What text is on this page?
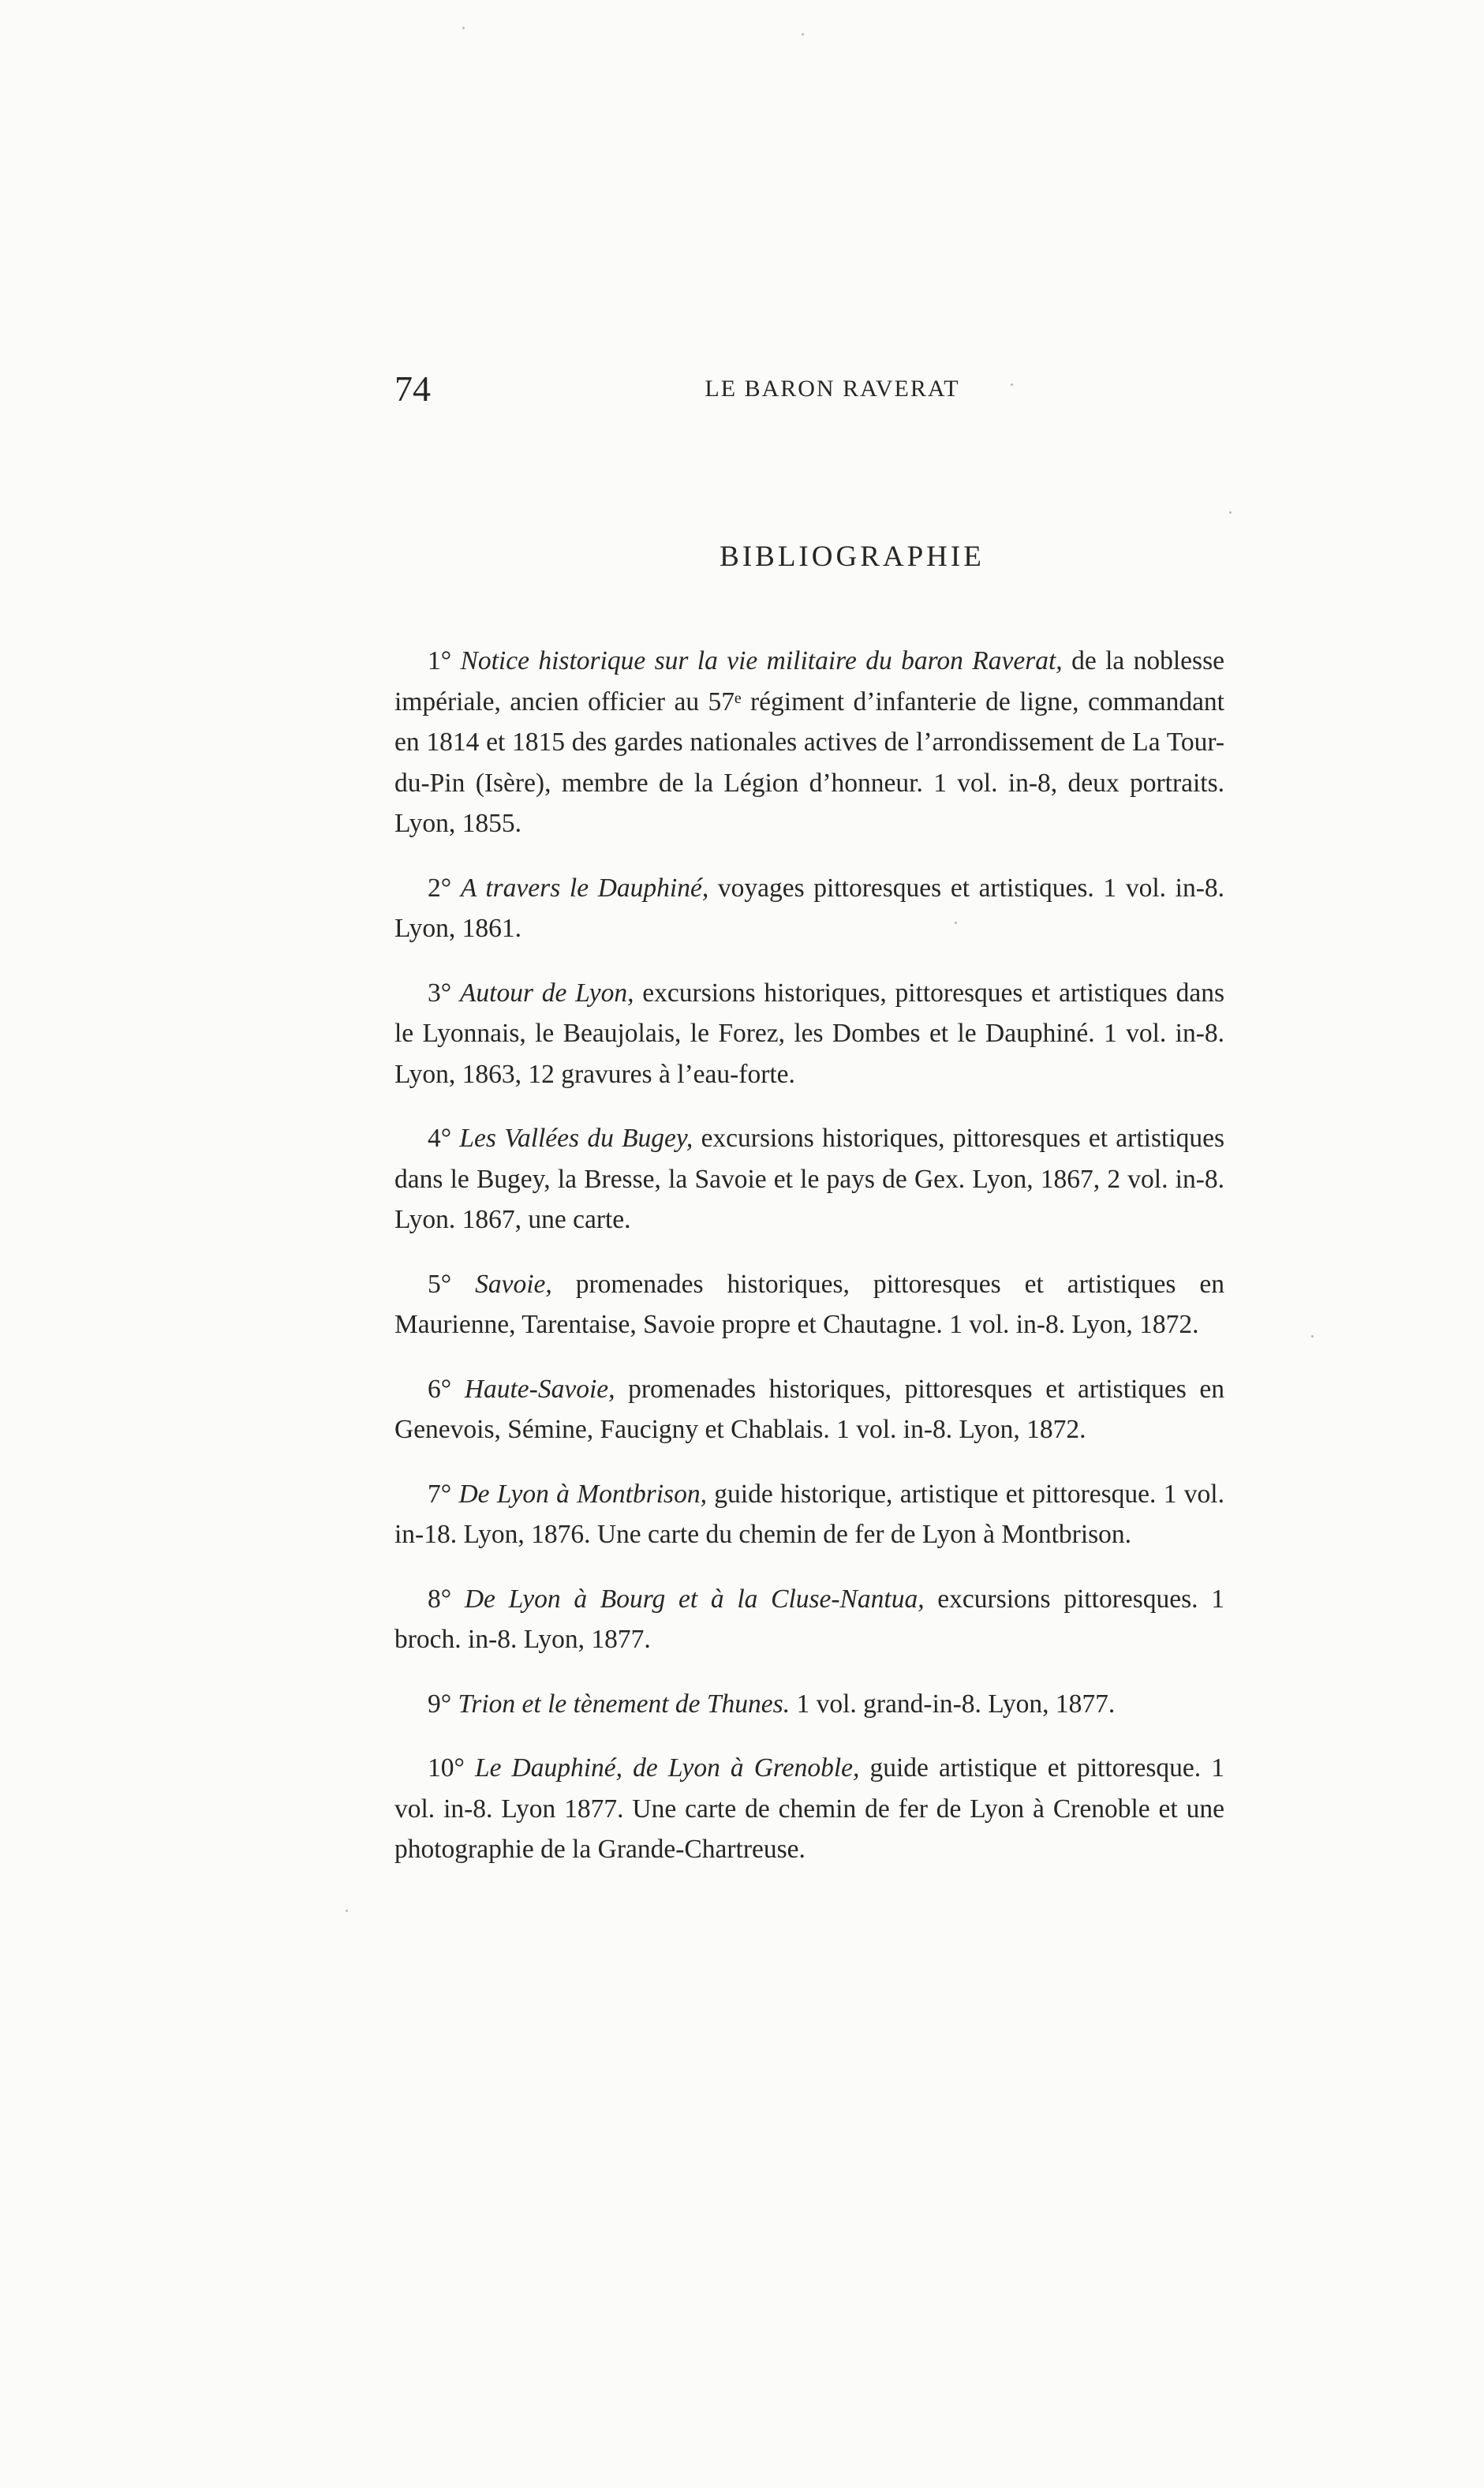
74	LE BARON RAVERAT
BIBLIOGRAPHIE
1° Notice historique sur la vie militaire du baron Raverat, de la noblesse impériale, ancien officier au 57ᵉ régiment d’infanterie de ligne, commandant en 1814 et 1815 des gardes nationales actives de l’arrondissement de La Tour-du-Pin (Isère), membre de la Légion d’honneur. 1 vol. in-8, deux portraits. Lyon, 1855.
2° A travers le Dauphiné, voyages pittoresques et artistiques. 1 vol. in-8. Lyon, 1861.
3° Autour de Lyon, excursions historiques, pittoresques et artistiques dans le Lyonnais, le Beaujolais, le Forez, les Dombes et le Dauphiné. 1 vol. in-8. Lyon, 1863, 12 gravures à l’eau-forte.
4° Les Vallées du Bugey, excursions historiques, pittoresques et artistiques dans le Bugey, la Bresse, la Savoie et le pays de Gex. Lyon, 1867, 2 vol. in-8. Lyon. 1867, une carte.
5° Savoie, promenades historiques, pittoresques et artistiques en Maurienne, Tarentaise, Savoie propre et Chautagne. 1 vol. in-8. Lyon, 1872.
6° Haute-Savoie, promenades historiques, pittoresques et artistiques en Genevois, Sémine, Faucigny et Chablais. 1 vol. in-8. Lyon, 1872.
7° De Lyon à Montbrison, guide historique, artistique et pittoresque. 1 vol. in-18. Lyon, 1876. Une carte du chemin de fer de Lyon à Montbrison.
8° De Lyon à Bourg et à la Cluse-Nantua, excursions pittoresques. 1 broch. in-8. Lyon, 1877.
9° Trion et le tènement de Thunes. 1 vol. grand-in-8. Lyon, 1877.
10° Le Dauphiné, de Lyon à Grenoble, guide artistique et pittoresque. 1 vol. in-8. Lyon 1877. Une carte de chemin de fer de Lyon à Crenoble et une photographie de la Grande-Chartreuse.
